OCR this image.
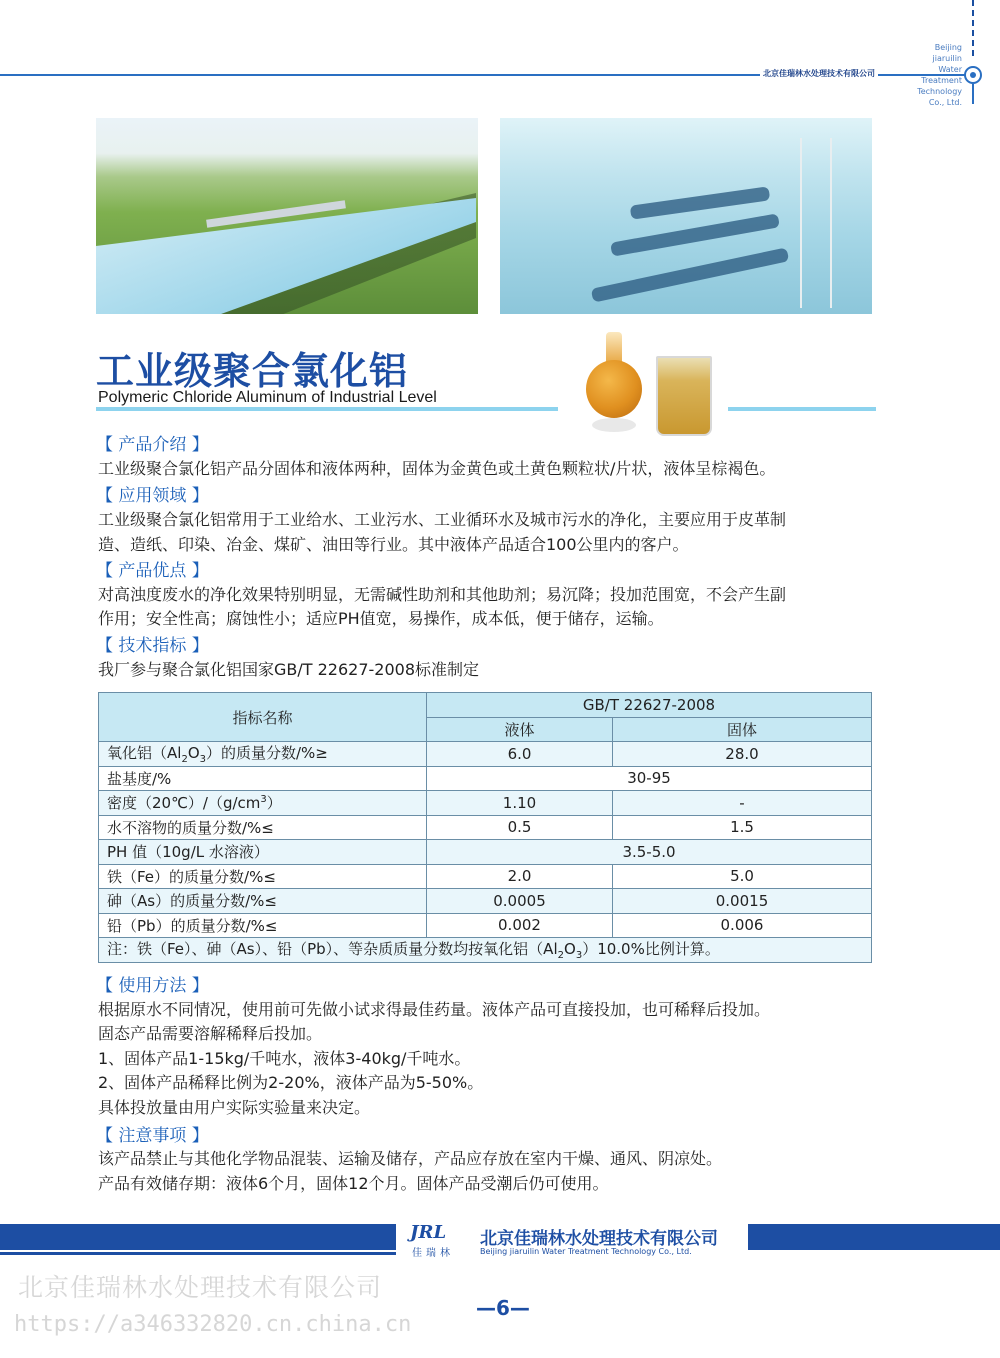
北京佳瑞林水处理技术有限公司
Beijing
jiaruilin
Water
Treatment
Technology
Co., Ltd.
工业级聚合氯化铝
Polymeric Chloride Aluminum of Industrial Level
【 产品介绍 】
工业级聚合氯化铝产品分固体和液体两种，固体为金黄色或土黄色颗粒状/片状，液体呈棕褐色。
【 应用领域 】
工业级聚合氯化铝常用于工业给水、工业污水、工业循环水及城市污水的净化，主要应用于皮革制
造、造纸、印染、冶金、煤矿、油田等行业。其中液体产品适合100公里内的客户。
【 产品优点 】
对高浊度废水的净化效果特别明显，无需碱性助剂和其他助剂；易沉降；投加范围宽，不会产生副
作用；安全性高；腐蚀性小；适应PH值宽，易操作，成本低，便于储存，运输。
【 技术指标 】
我厂参与聚合氯化铝国家GB/T 22627-2008标准制定
指标名称	GB/T 22627-2008	
	液体	固体
氧化铝$(Al_2O_3)$的质量分数/%≥	6.0	28.0
盐基度/%	30-95	
密度$(20℃)/(g/cm^3)$	1.10	-
水不溶物的质量分数/%≤	0.5	1.5
PH 值（10g/L 水溶液）	3.5-5.0	
铁（Fe）的质量分数/%≤	2.0	5.0
砷（As）的质量分数/%≤	0.0005	0.0015
铅（Pb）的质量分数/%≤	0.002	0.006
注：铁（Fe）、砷（As）、铅（Pb）、等杂质质量分数均按氧化铝$(Al_2O_3)10.0\%$比例计算。		
【 使用方法 】
根据原水不同情况，使用前可先做小试求得最佳药量。液体产品可直接投加，也可稀释后投加。
固态产品需要溶解稀释后投加。
1、固体产品1-15kg/千吨水，液体3-40kg/千吨水。
2、固体产品稀释比例为2-20%，液体产品为5-50%。
具体投放量由用户实际实验量来决定。
【 注意事项 】
该产品禁止与其他化学物品混装、运输及储存，产品应存放在室内干燥、通风、阴凉处。
产品有效储存期：液体6个月，固体12个月。固体产品受潮后仍可使用。
JRL
佳瑞林
北京佳瑞林水处理技术有限公司
Beijing jiaruilin Water Treatment Technology Co., Ltd.
北京佳瑞林水处理技术有限公司
—6—
https://a346332820.cn.china.cn
